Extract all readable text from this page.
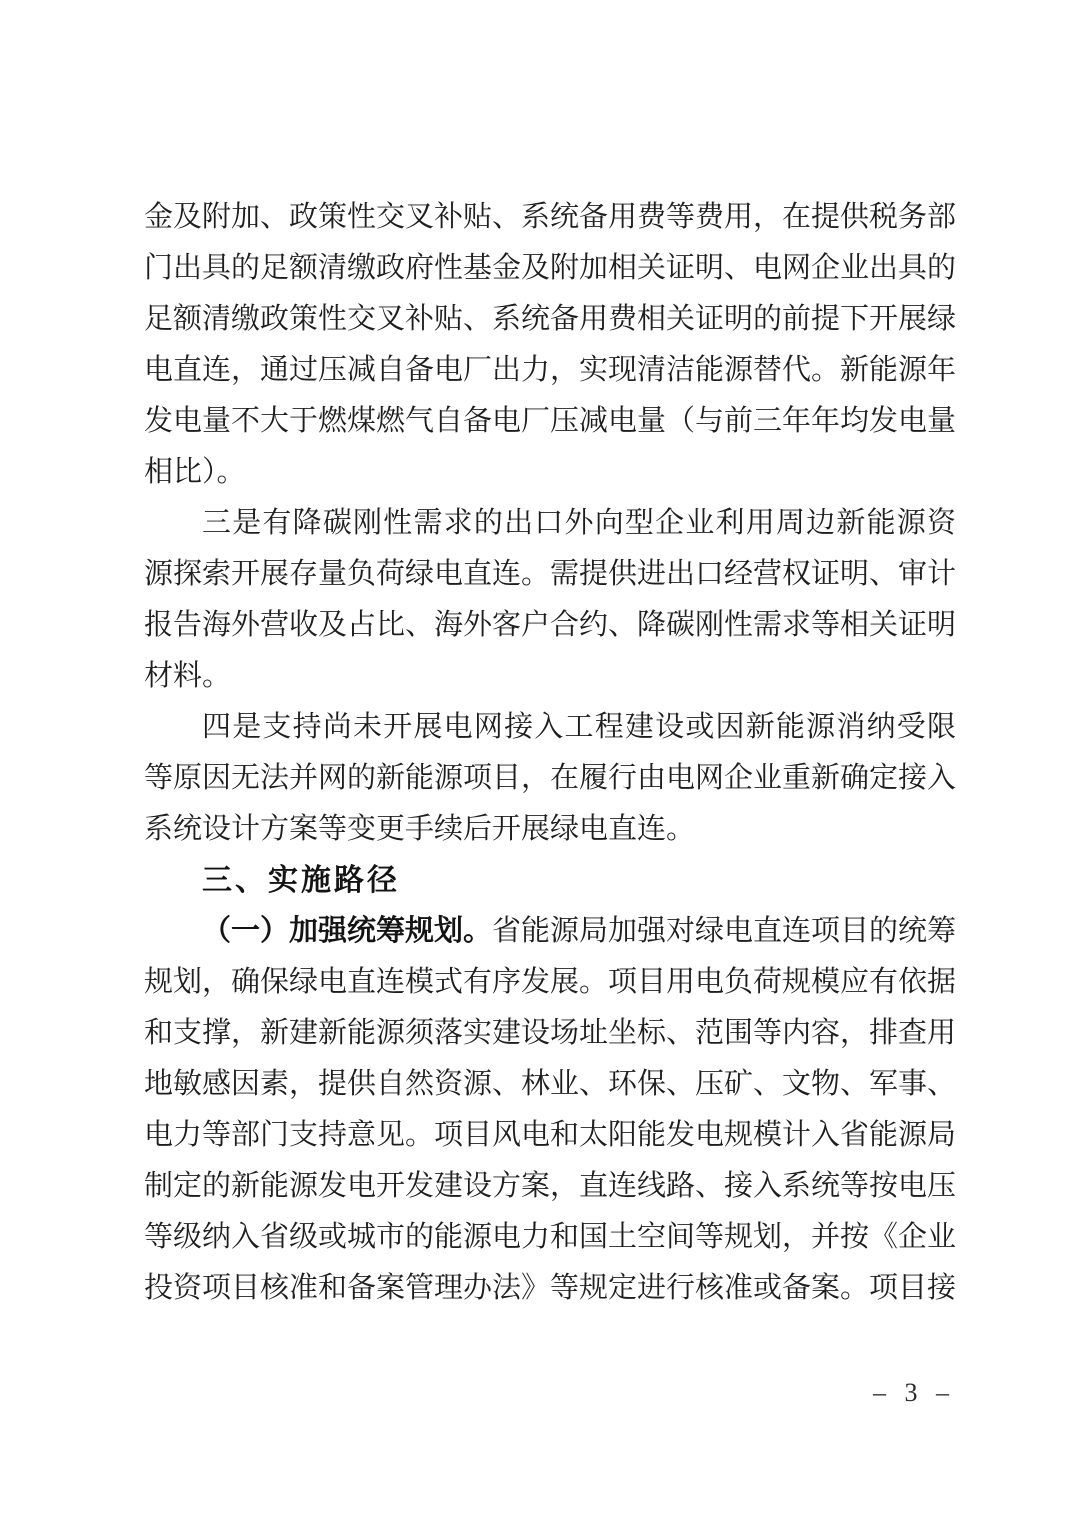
金及附加、政策性交叉补贴、系统备用费等费用，在提供税务部
门出具的足额清缴政府性基金及附加相关证明、电网企业出具的
足额清缴政策性交叉补贴、系统备用费相关证明的前提下开展绿
电直连，通过压减自备电厂出力，实现清洁能源替代。新能源年
发电量不大于燃煤燃气自备电厂压减电量（与前三年年均发电量
相比）。
三是有降碳刚性需求的出口外向型企业利用周边新能源资
源探索开展存量负荷绿电直连。需提供进出口经营权证明、审计
报告海外营收及占比、海外客户合约、降碳刚性需求等相关证明
材料。
四是支持尚未开展电网接入工程建设或因新能源消纳受限
等原因无法并网的新能源项目，在履行由电网企业重新确定接入
系统设计方案等变更手续后开展绿电直连。
三、实施路径
（一）加强统筹规划。省能源局加强对绿电直连项目的统筹
规划，确保绿电直连模式有序发展。项目用电负荷规模应有依据
和支撑，新建新能源须落实建设场址坐标、范围等内容，排查用
地敏感因素，提供自然资源、林业、环保、压矿、文物、军事、
电力等部门支持意见。项目风电和太阳能发电规模计入省能源局
制定的新能源发电开发建设方案，直连线路、接入系统等按电压
等级纳入省级或城市的能源电力和国土空间等规划，并按《企业
投资项目核准和备案管理办法》等规定进行核准或备案。项目接
– 3 –
